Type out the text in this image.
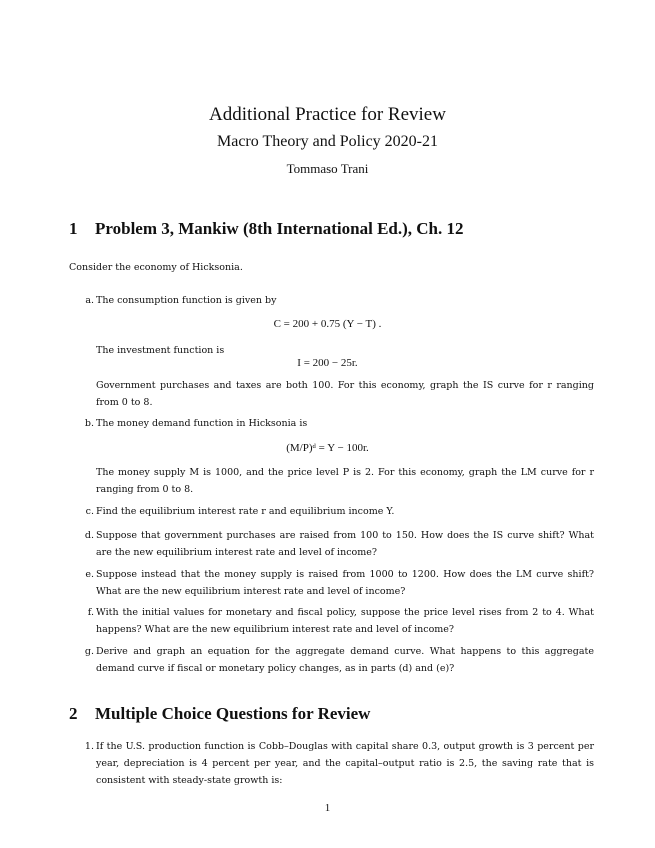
Additional Practice for Review
Macro Theory and Policy 2020-21
Tommaso Trani
1 Problem 3, Mankiw (8th International Ed.), Ch. 12
Consider the economy of Hicksonia.
a. The consumption function is given by
C = 200 + 0.75 (Y − T) .
The investment function is
I = 200 − 25r.
Government purchases and taxes are both 100. For this economy, graph the IS curve for r ranging from 0 to 8.
b. The money demand function in Hicksonia is
(M/P)ᵈ = Y − 100r.
The money supply M is 1000, and the price level P is 2. For this economy, graph the LM curve for r ranging from 0 to 8.
c. Find the equilibrium interest rate r and equilibrium income Y.
d. Suppose that government purchases are raised from 100 to 150. How does the IS curve shift? What are the new equilibrium interest rate and level of income?
e. Suppose instead that the money supply is raised from 1000 to 1200. How does the LM curve shift? What are the new equilibrium interest rate and level of income?
f. With the initial values for monetary and fiscal policy, suppose the price level rises from 2 to 4. What happens? What are the new equilibrium interest rate and level of income?
g. Derive and graph an equation for the aggregate demand curve. What happens to this aggregate demand curve if fiscal or monetary policy changes, as in parts (d) and (e)?
2 Multiple Choice Questions for Review
1. If the U.S. production function is Cobb–Douglas with capital share 0.3, output growth is 3 percent per year, depreciation is 4 percent per year, and the capital–output ratio is 2.5, the saving rate that is consistent with steady-state growth is:
1
